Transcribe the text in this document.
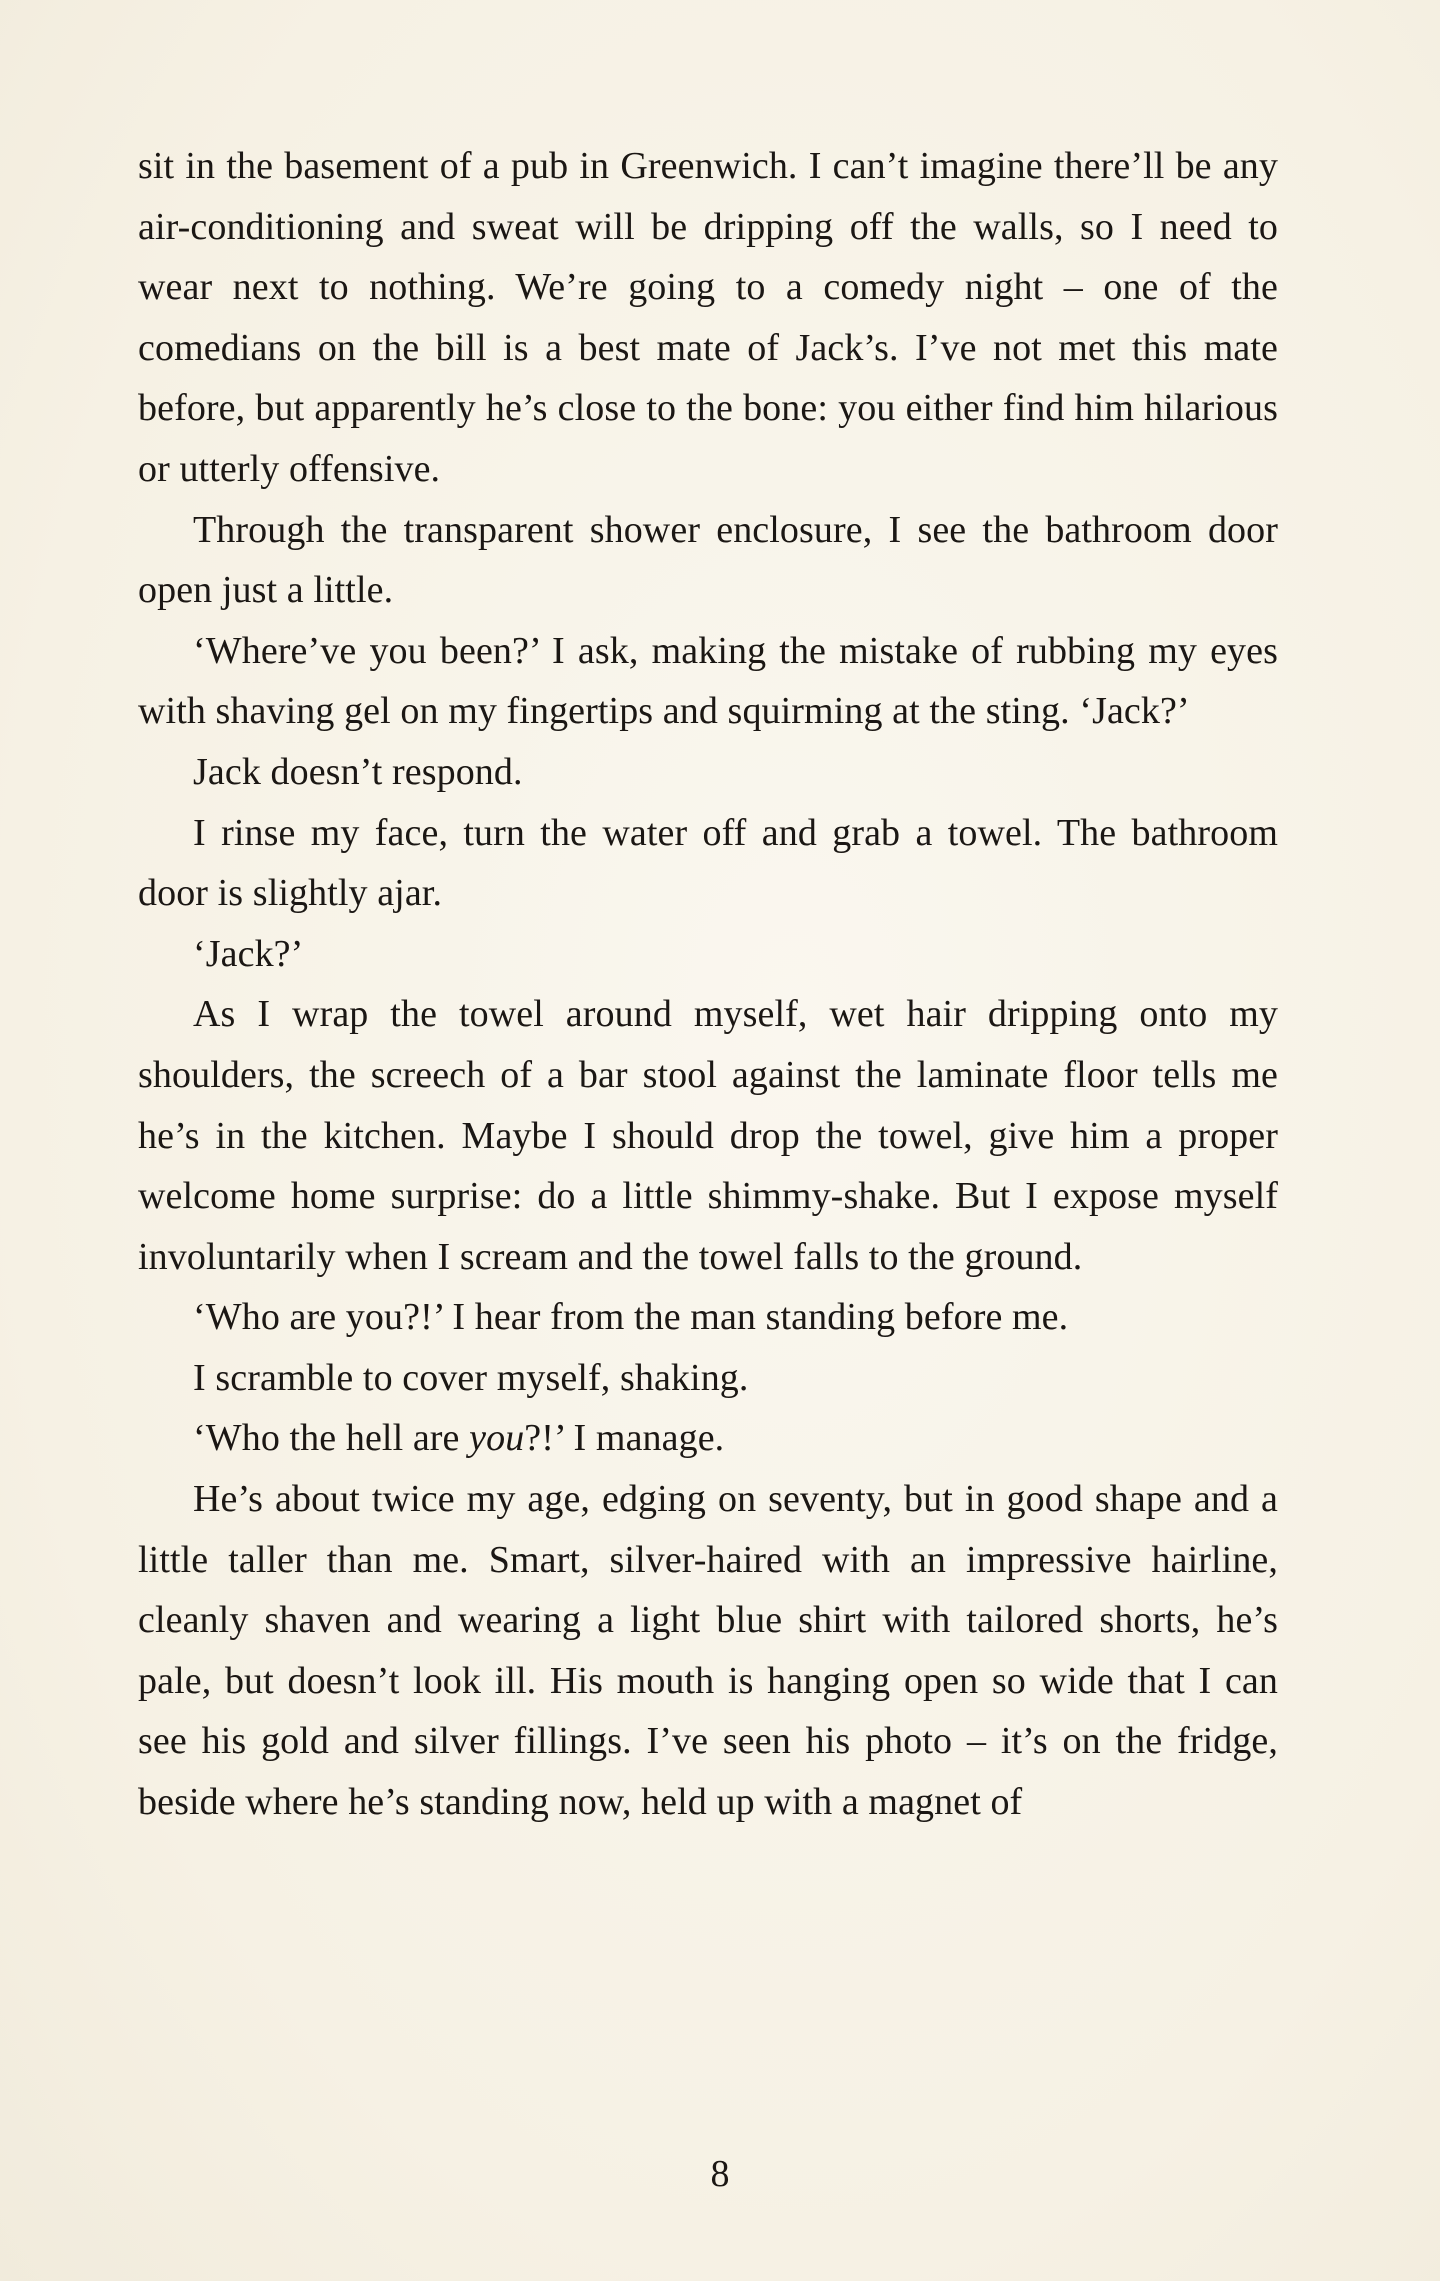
sit in the basement of a pub in Greenwich. I can’t imagine there’ll be any air-conditioning and sweat will be dripping off the walls, so I need to wear next to nothing. We’re going to a comedy night – one of the comedians on the bill is a best mate of Jack’s. I’ve not met this mate before, but apparently he’s close to the bone: you either find him hilarious or utterly offensive.

Through the transparent shower enclosure, I see the bathroom door open just a little.

‘Where’ve you been?’ I ask, making the mistake of rubbing my eyes with shaving gel on my fingertips and squirming at the sting. ‘Jack?’

Jack doesn’t respond.

I rinse my face, turn the water off and grab a towel. The bathroom door is slightly ajar.

‘Jack?’

As I wrap the towel around myself, wet hair dripping onto my shoulders, the screech of a bar stool against the laminate floor tells me he’s in the kitchen. Maybe I should drop the towel, give him a proper welcome home surprise: do a little shimmy-shake. But I expose myself involuntarily when I scream and the towel falls to the ground.

‘Who are you?!’ I hear from the man standing before me.

I scramble to cover myself, shaking.

‘Who the hell are you?!’ I manage.

He’s about twice my age, edging on seventy, but in good shape and a little taller than me. Smart, silver-haired with an impressive hairline, cleanly shaven and wearing a light blue shirt with tailored shorts, he’s pale, but doesn’t look ill. His mouth is hanging open so wide that I can see his gold and silver fillings. I’ve seen his photo – it’s on the fridge, beside where he’s standing now, held up with a magnet of

8
